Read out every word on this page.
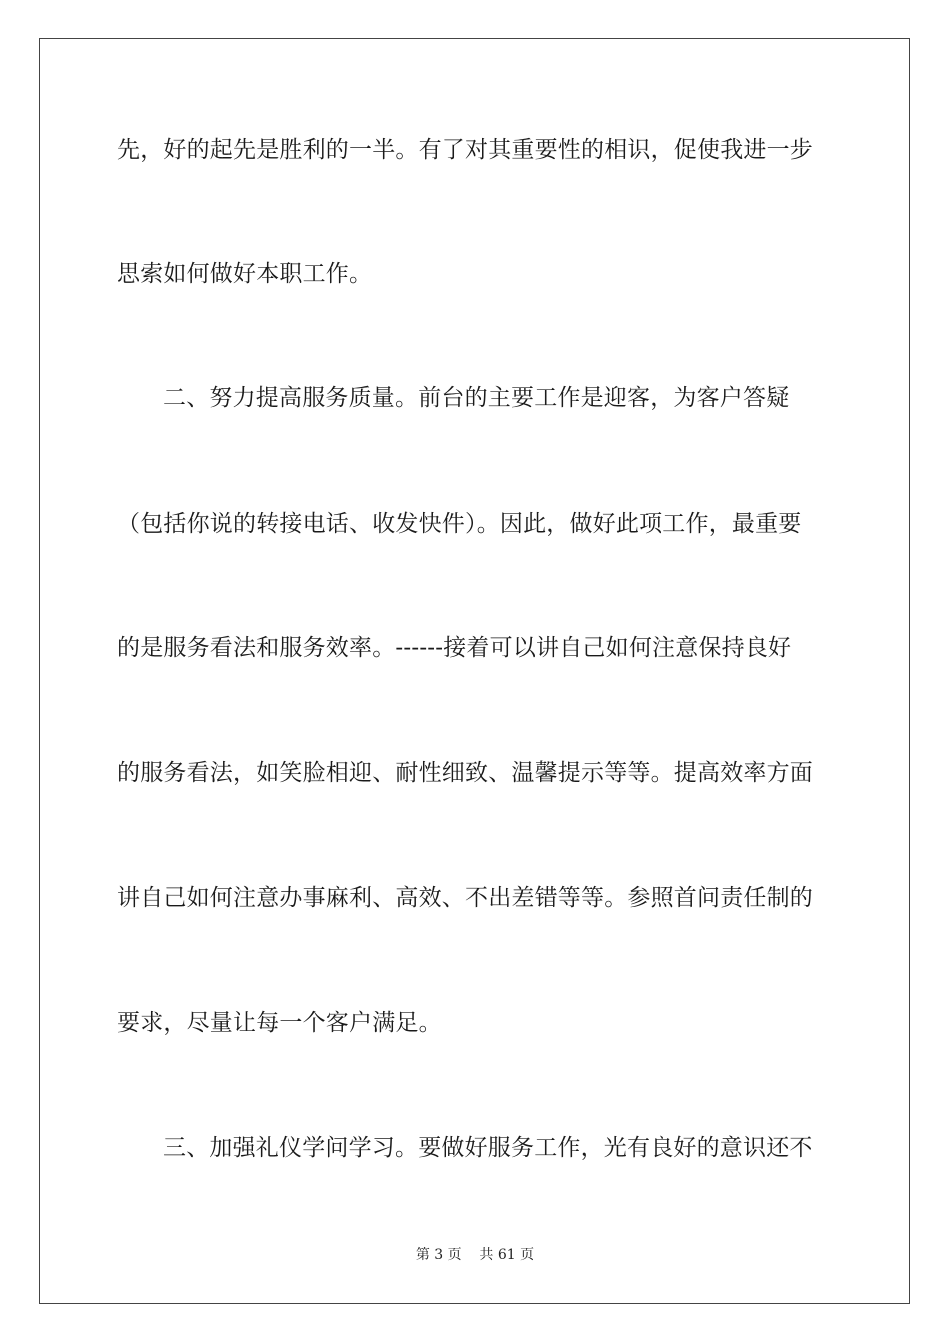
先，好的起先是胜利的一半。有了对其重要性的相识，促使我进一步
思索如何做好本职工作。
二、努力提高服务质量。前台的主要工作是迎客，为客户答疑
（包括你说的转接电话、收发快件）。因此，做好此项工作，最重要
的是服务看法和服务效率。------接着可以讲自己如何注意保持良好
的服务看法，如笑脸相迎、耐性细致、温馨提示等等。提高效率方面
讲自己如何注意办事麻利、高效、不出差错等等。参照首问责任制的
要求，尽量让每一个客户满足。
三、加强礼仪学问学习。要做好服务工作，光有良好的意识还不
第 3 页    共 61 页
